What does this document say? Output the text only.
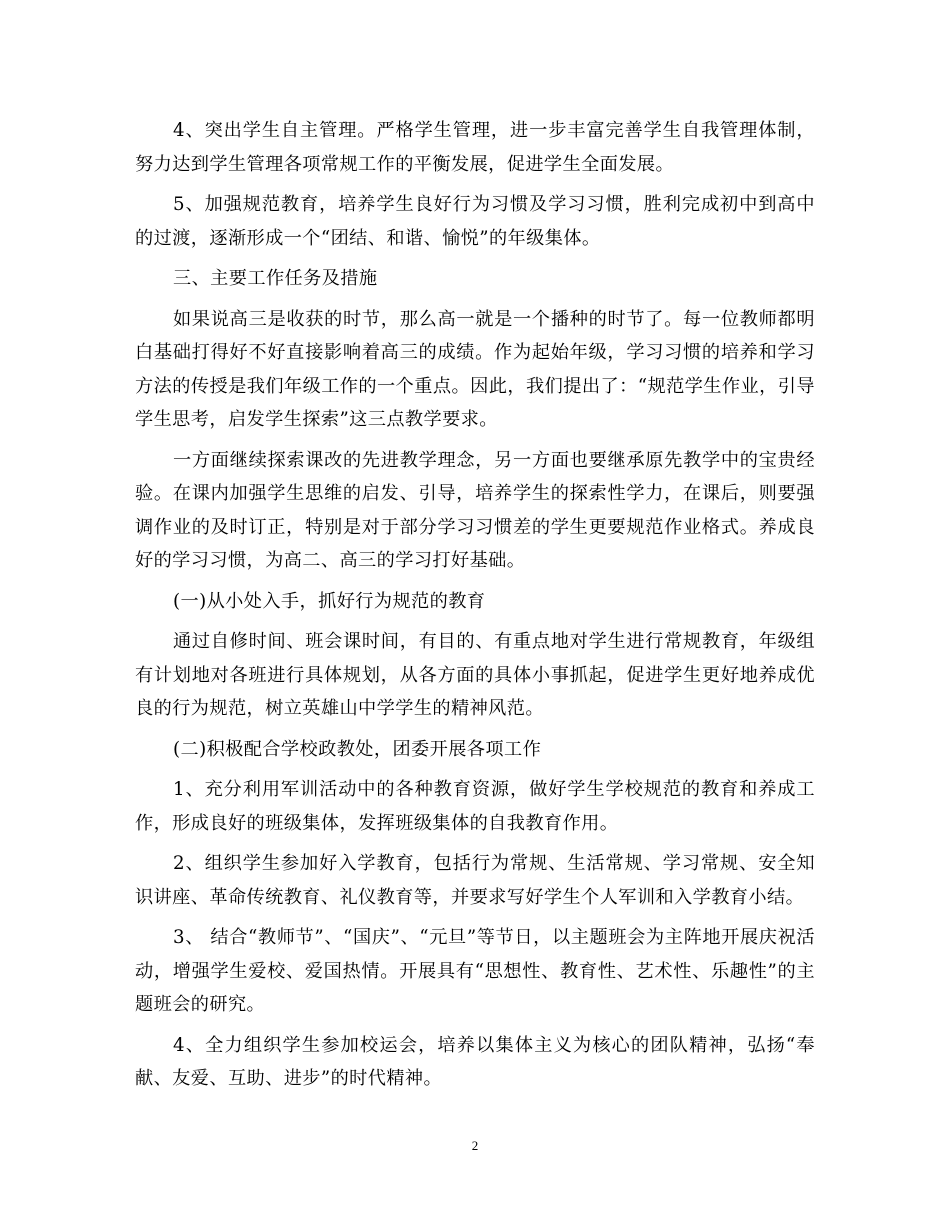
4、突出学生自主管理。严格学生管理，进一步丰富完善学生自我管理体制，努力达到学生管理各项常规工作的平衡发展，促进学生全面发展。

5、加强规范教育，培养学生良好行为习惯及学习习惯，胜利完成初中到高中的过渡，逐渐形成一个“团结、和谐、愉悦”的年级集体。

三、主要工作任务及措施

如果说高三是收获的时节，那么高一就是一个播种的时节了。每一位教师都明白基础打得好不好直接影响着高三的成绩。作为起始年级，学习习惯的培养和学习方法的传授是我们年级工作的一个重点。因此，我们提出了：“规范学生作业，引导学生思考，启发学生探索”这三点教学要求。

一方面继续探索课改的先进教学理念，另一方面也要继承原先教学中的宝贵经验。在课内加强学生思维的启发、引导，培养学生的探索性学力，在课后，则要强调作业的及时订正，特别是对于部分学习习惯差的学生更要规范作业格式。养成良好的学习习惯，为高二、高三的学习打好基础。

(一)从小处入手，抓好行为规范的教育

通过自修时间、班会课时间，有目的、有重点地对学生进行常规教育，年级组有计划地对各班进行具体规划，从各方面的具体小事抓起，促进学生更好地养成优良的行为规范，树立英雄山中学学生的精神风范。

(二)积极配合学校政教处，团委开展各项工作

1、充分利用军训活动中的各种教育资源，做好学生学校规范的教育和养成工作，形成良好的班级集体，发挥班级集体的自我教育作用。

2、组织学生参加好入学教育，包括行为常规、生活常规、学习常规、安全知识讲座、革命传统教育、礼仪教育等，并要求写好学生个人军训和入学教育小结。

3、 结合“教师节”、“国庆”、“元旦”等节日，以主题班会为主阵地开展庆祝活动，增强学生爱校、爱国热情。开展具有“思想性、教育性、艺术性、乐趣性”的主题班会的研究。

4、全力组织学生参加校运会，培养以集体主义为核心的团队精神，弘扬“奉献、友爱、互助、进步”的时代精神。

2
